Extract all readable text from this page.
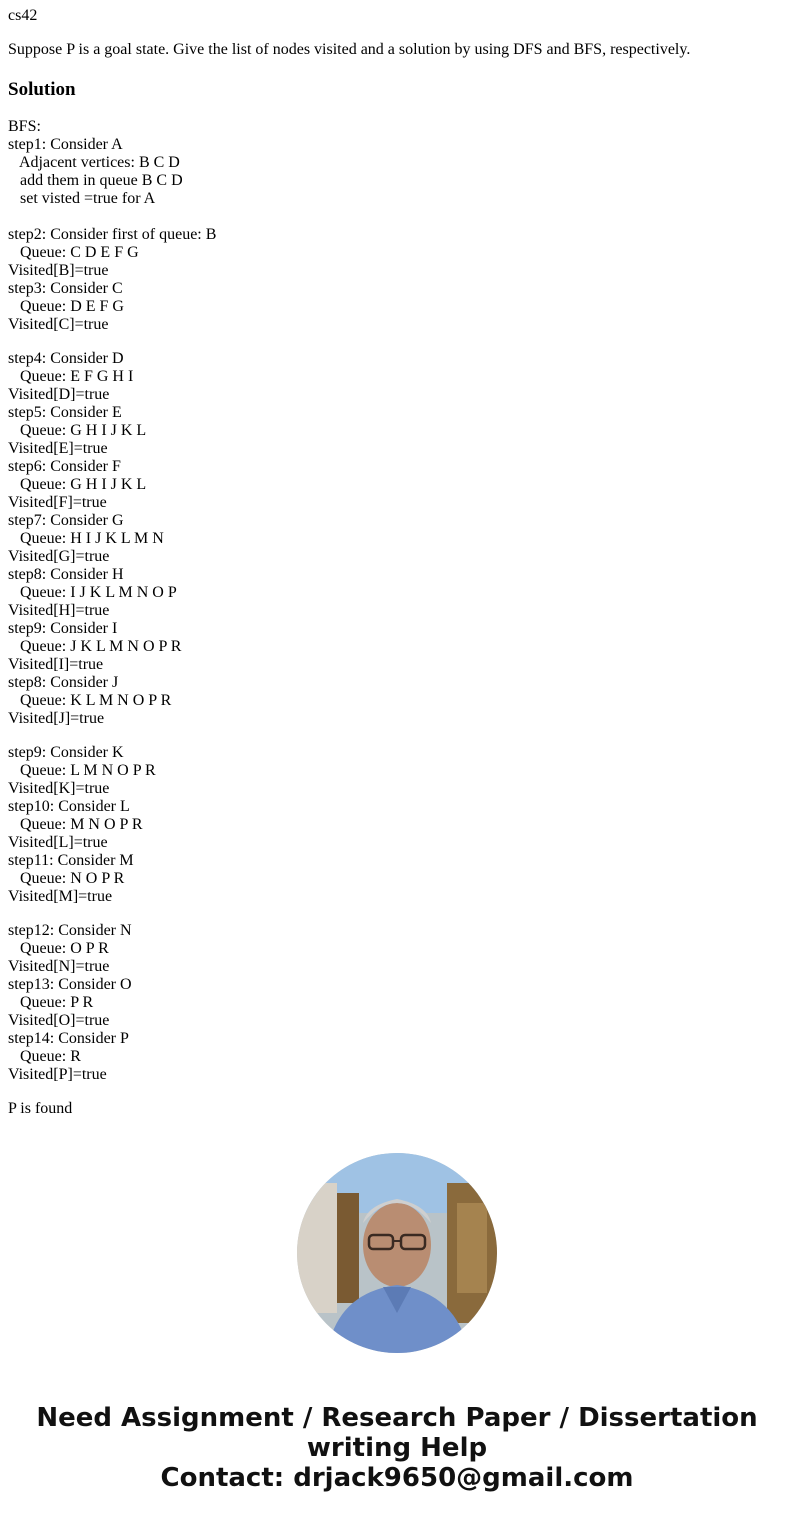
cs42
Suppose P is a goal state. Give the list of nodes visited and a solution by using DFS and BFS, respectively.
Solution
BFS:
step1: Consider A
Adjacent vertices: B C D
add them in queue B C D
set visted =true for A
step2: Consider first of queue: B
Queue: C D E F G
Visited[B]=true
step3: Consider C
Queue: D E F G
Visited[C]=true
step4: Consider D
Queue: E F G H I
Visited[D]=true
step5: Consider E
Queue: G H I J K L
Visited[E]=true
step6: Consider F
Queue: G H I J K L
Visited[F]=true
step7: Consider G
Queue: H I J K L M N
Visited[G]=true
step8: Consider H
Queue: I J K L M N O P
Visited[H]=true
step9: Consider I
Queue: J K L M N O P R
Visited[I]=true
step8: Consider J
Queue: K L M N O P R
Visited[J]=true
step9: Consider K
Queue: L M N O P R
Visited[K]=true
step10: Consider L
Queue: M N O P R
Visited[L]=true
step11: Consider M
Queue: N O P R
Visited[M]=true
step12: Consider N
Queue: O P R
Visited[N]=true
step13: Consider O
Queue: P R
Visited[O]=true
step14: Consider P
Queue: R
Visited[P]=true
P is found
Need Assignment / Research Paper / Dissertation
writing Help
Contact: drjack9650@gmail.com
